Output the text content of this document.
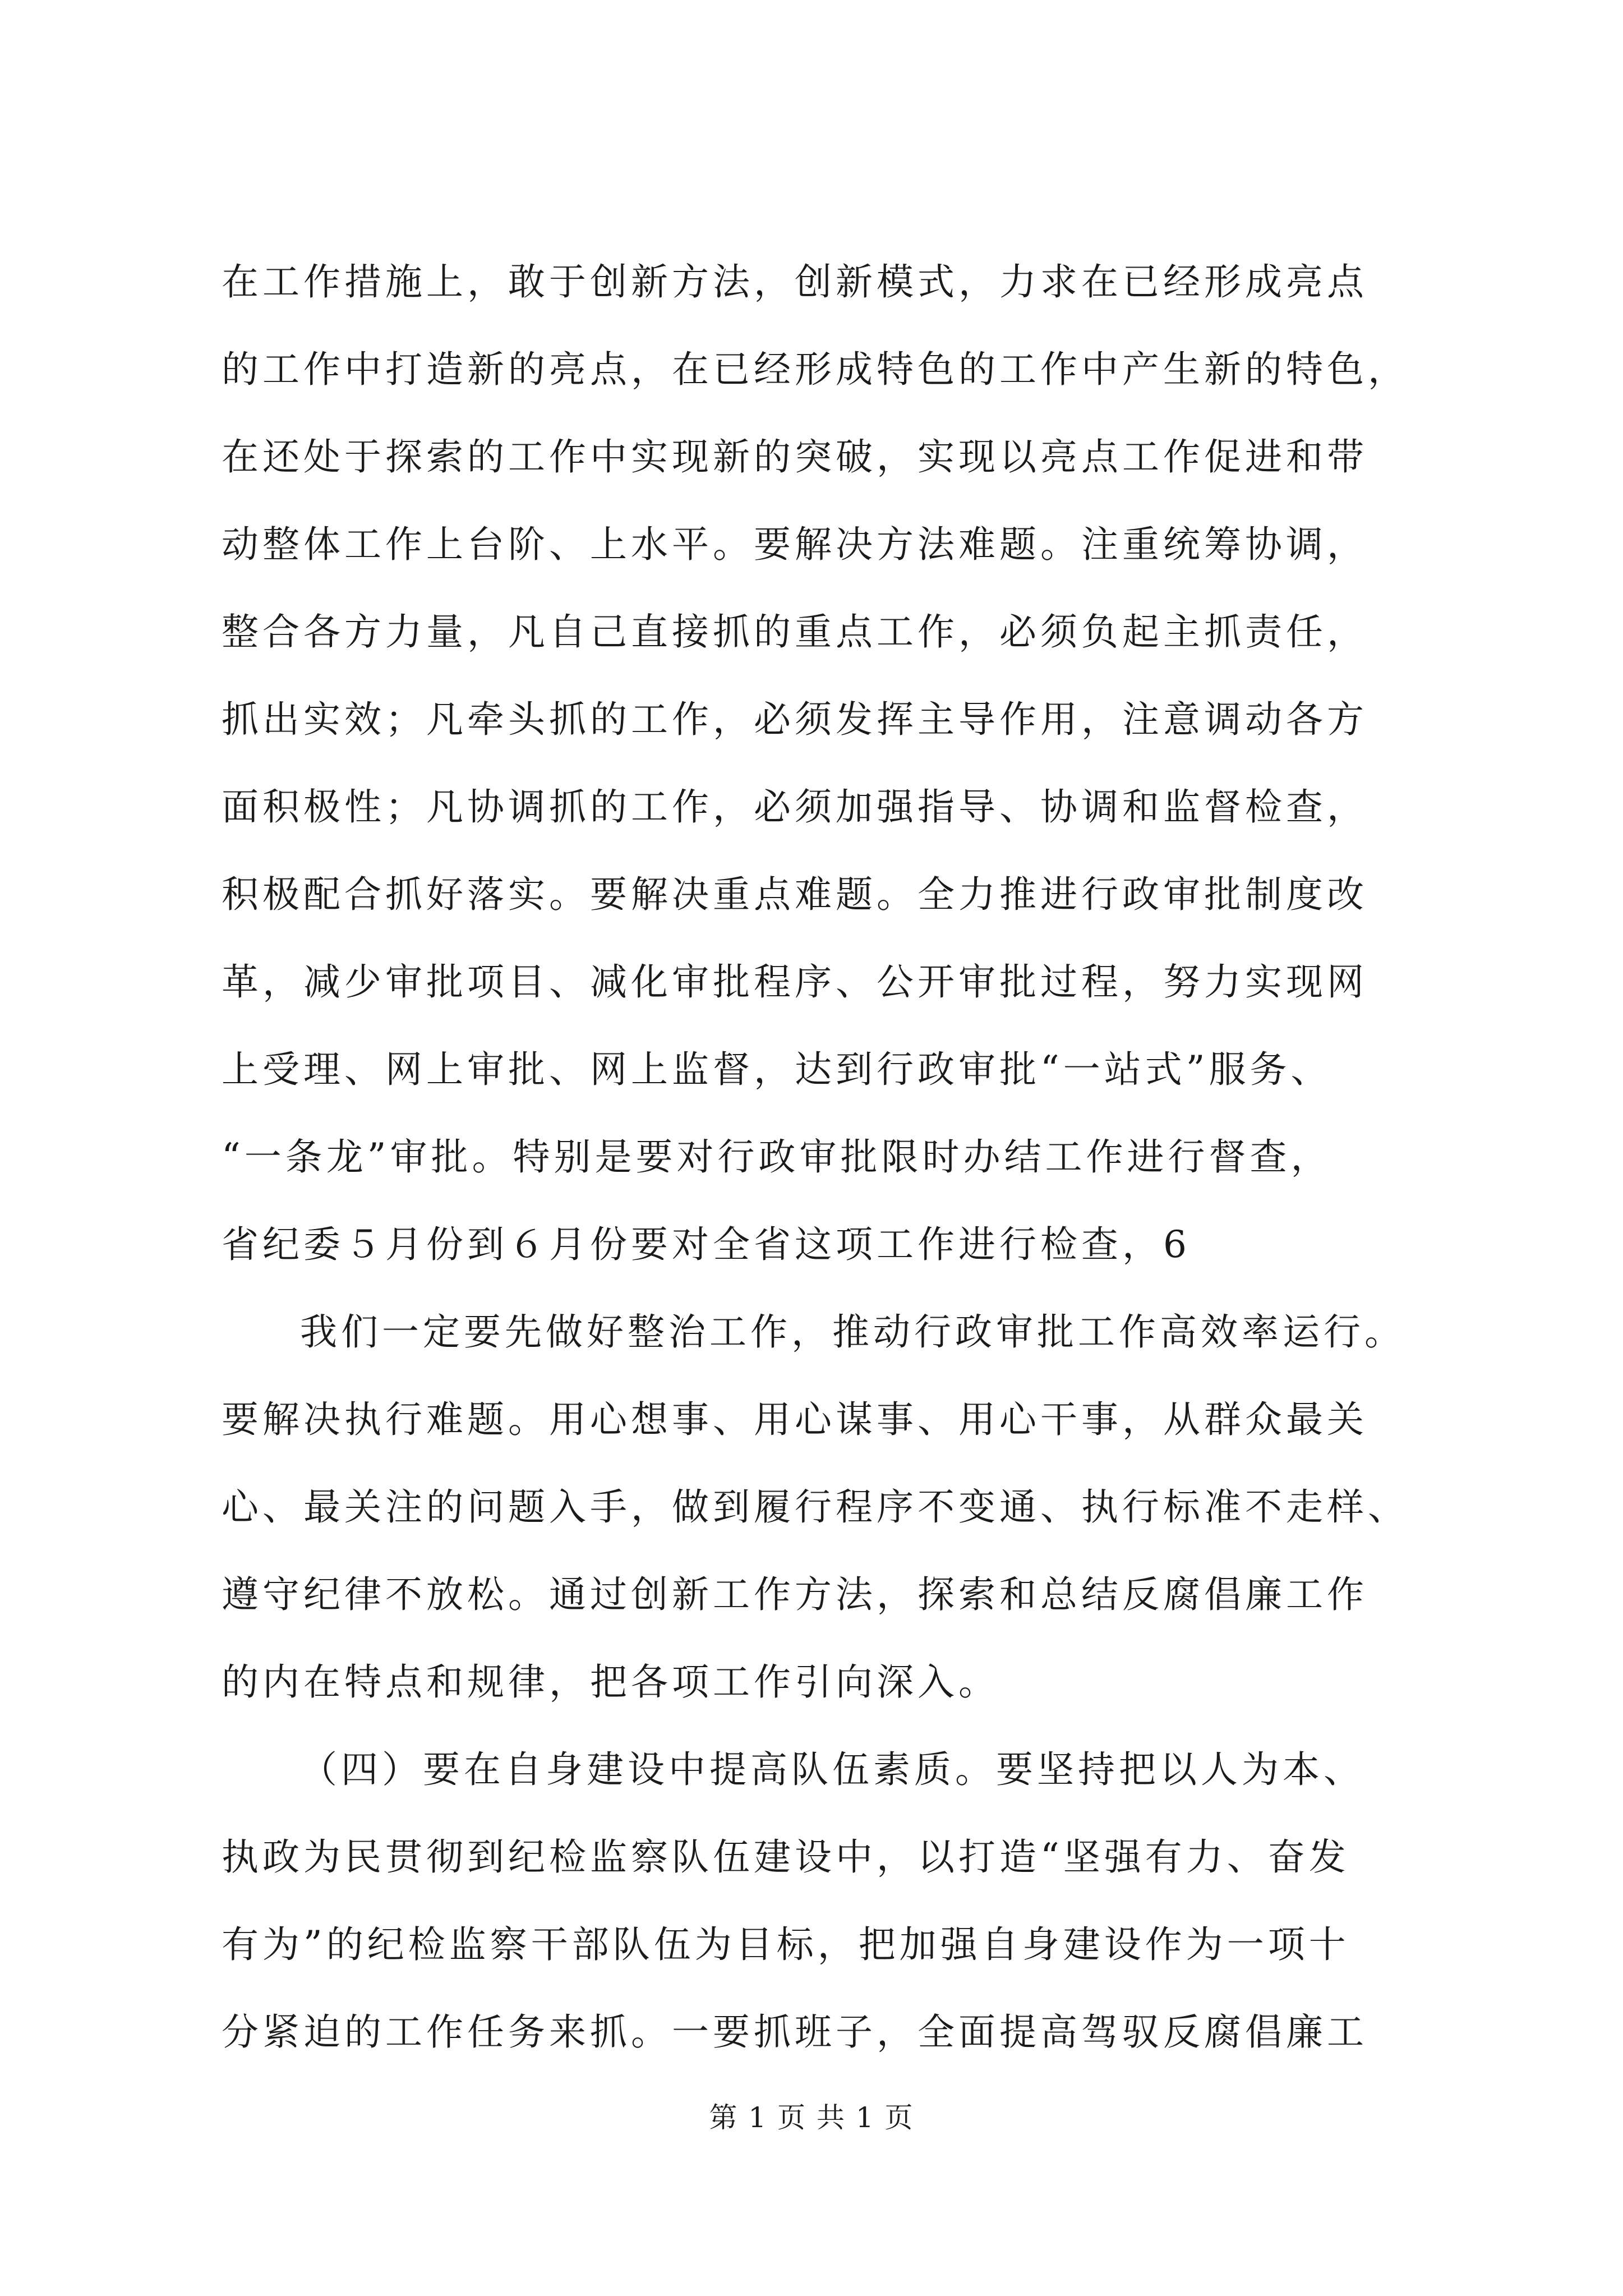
在工作措施上，敢于创新方法，创新模式，力求在已经形成亮点
的工作中打造新的亮点，在已经形成特色的工作中产生新的特色，
在还处于探索的工作中实现新的突破，实现以亮点工作促进和带
动整体工作上台阶、上水平。要解决方法难题。注重统筹协调，
整合各方力量，凡自己直接抓的重点工作，必须负起主抓责任，
抓出实效；凡牵头抓的工作，必须发挥主导作用，注意调动各方
面积极性；凡协调抓的工作，必须加强指导、协调和监督检查，
积极配合抓好落实。要解决重点难题。全力推进行政审批制度改
革，减少审批项目、减化审批程序、公开审批过程，努力实现网
上受理、网上审批、网上监督，达到行政审批“一站式”服务、
“一条龙”审批。特别是要对行政审批限时办结工作进行督查，
省纪委５月份到６月份要对全省这项工作进行检查，6
我们一定要先做好整治工作，推动行政审批工作高效率运行。
要解决执行难题。用心想事、用心谋事、用心干事，从群众最关
心、最关注的问题入手，做到履行程序不变通、执行标准不走样、
遵守纪律不放松。通过创新工作方法，探索和总结反腐倡廉工作
的内在特点和规律，把各项工作引向深入。
（四）要在自身建设中提高队伍素质。要坚持把以人为本、
执政为民贯彻到纪检监察队伍建设中，以打造“坚强有力、奋发
有为”的纪检监察干部队伍为目标，把加强自身建设作为一项十
分紧迫的工作任务来抓。一要抓班子，全面提高驾驭反腐倡廉工
第 1 页 共 1 页
